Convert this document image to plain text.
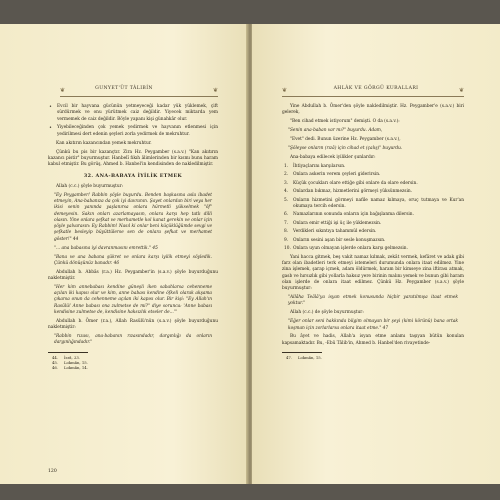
❦	GUNYET'ÜT TÂLIBİN	❦
• Evcil bir hayvana gücünün yetmeyeceği kadar yük yüklemek, çift sürdürmek ve onu yürütmek caiz değildir. Yiyecek miktarda yem vermemek de caiz değildir. Böyle yapanı kişi günahkâr olur.
• Yiyebileceğinden çok yemek yedirmek ve hayvanın etlenmesi için yedirilmesi dert edenin şeyleri zorla yedirmek de mekruhtur.

Kan akıtırın kazancından yemek mekruhtur.

Çünkü bu pis bir kazançtır. Zira Hz. Peygamber (s.a.v.) "Kan akıtırın kazancı pistir" buyurmuştur. Hanbelî fıkıh âlimlerinden bir kısmı bunu haram kabul etmiştir. Bu görüş, Ahmed b. Hanbel'in kendisinden de nakledilmiştir.

32. ANA-BABAYA İYİLİK ETMEK

Allah (c.c.) şöyle buyurmuştur:

"Ey Peygamber! Rabbin şöyle buyurdu. Benden başkasına asla ibadet etmeyin, Ana-babanıza da çok iyi davranın. Şayet onlardan biri veya her ikisi senin yanında yaşlanırsa onlara hürmetli yükselmek "öf" demeyesin. Sakın onları azarlamayasın, onlara karşı hep tatlı dilli olasın. Yine onlara şefkat ve merhametle kol kanat gerekin ve onlar için şöyle yalvarasın: Ey Rabbim! Nasıl ki onlar beni küçüklüğümde sevgi ve şefkatle besleyip büyüttülerse sen de onlara şefkat ve merhamet göster!" 44

"... ana babasına iyi davranmasını emrettik." 45

"Bana ve ana babana şükret ve onlara karşı iyilik etmeyi söyledik. Çünkü dönüşünüz banadır. 46

Abdullah b. Abbâs (r.a.) Hz. Peygamber'in (s.a.v.) şöyle buyurduğunu nakletmiştir.

"Her kim annebabası kendine güneşli iken sabahlarsa cehenneme açılan iki kapısı olur ve kim, anne babası kendine öfkeli olarak akşama çıkarsa onun da cehenneme açılan iki kapısı olur. Bir kişi: "Ey Allah'ın Rasûlü! Anne babası ona zulmetse de mi?" diye sorunca: 'Anne babası kendisine zulmetse de, kendisine haksızlık etseler de...'"

Abdullah b. Ömer (r.a.), Allah Rasûlü'nün (s.a.v.) şöyle buyurduğunu nakletmiştir:

"Rabbin rızası, ana-babanın rızasındadır, dargınlığı da onların dargınlığındadır."

44. İsrâ, 23.
45. Lokmân, 15.
46. Lokmân, 14.
120
❦	AHLÂK VE GÖRGÜ KURALLARI	❦

Yine Abdullah b. Ömer'den şöyle nakledilmiştir. Hz. Peygamber'e (s.a.v.) biri gelerek,

"Ben cihad etmek istiyorum" demişti. O da (s.a.v.):

"Senin ana-baban var mı?" buyurdu. Adam,

"Evet" dedi. Bunun üzerine Hz. Peygamber (s.a.v.),

"Şöleyse onların (rızâ) için cihad et (çalış)" buyurdu.

Ana-babaya edilecek iyilikler şunlardır:

1.	İhtiyaçlarını karşılarsın.
2.	Onlara askerin verem çeyleri giderirsin.
3.	Küçük çocukları olare ettiğe gibi onlare da olare edersin.
4.	Onlardan bıkmaz, hizmetlerini görmeyi yüksünmezsin.
5.	Onların hizmetini görmeyi nafile namaz kılmaya, oruç tutmaya ve Kur'an okumaya tercih edersin.
6.	Namazlarının sonunda onların için bağışlanma dilersin.
7.	Onlara emir ettiği işi üç ile yüklemezsin.
8.	Verdikleri sıkıntıya tahammül edersin.
9.	Onların sesini aşan bir sesle konuşmazsın.
10. Onlara uyun olmayan işlerde onlara karşı gelmezsin.

Yani hacca gitmek, beş vakit namaz kılmak, zekât vermek, kefâret ve adak gibi farz olan ibadetleri terk etmeyi istemeleri durumunda onlara itaat edilmez. Yine zina işlemek, şarap içmek, adam öldürmek, haram bir kimseye zina iftirası atmak, gasb ve hırsızlık gibi yollarla haksız yere birinin malını yemek ve bunun gibi haram olan işlerde de onlara itaat edilmez. Çünkü Hz. Peygamber (s.a.v.) şöyle buyurmuştur:

"Allâha Teâlâ'ya isyan etmek konusunda hiçbir yaratılmışa itaat etmek yoktur."

Allah (c.c.) de şöyle buyurmuştur:

"Eğer onlar seni hakkında bilgim olmayan bir şeyi (kimi körünü) bana ortak koşman için zorlarlarsa onlara itaat etme." 47

Bu âyet ve hadis, Allah'a isyan etme anlamı taşıyan bütün konulan kapsamaktadır. Bu, -Ebû Tâlib'in, Ahmed b. Hanbel'den rivayetinde-

47. Lokmân, 15.
